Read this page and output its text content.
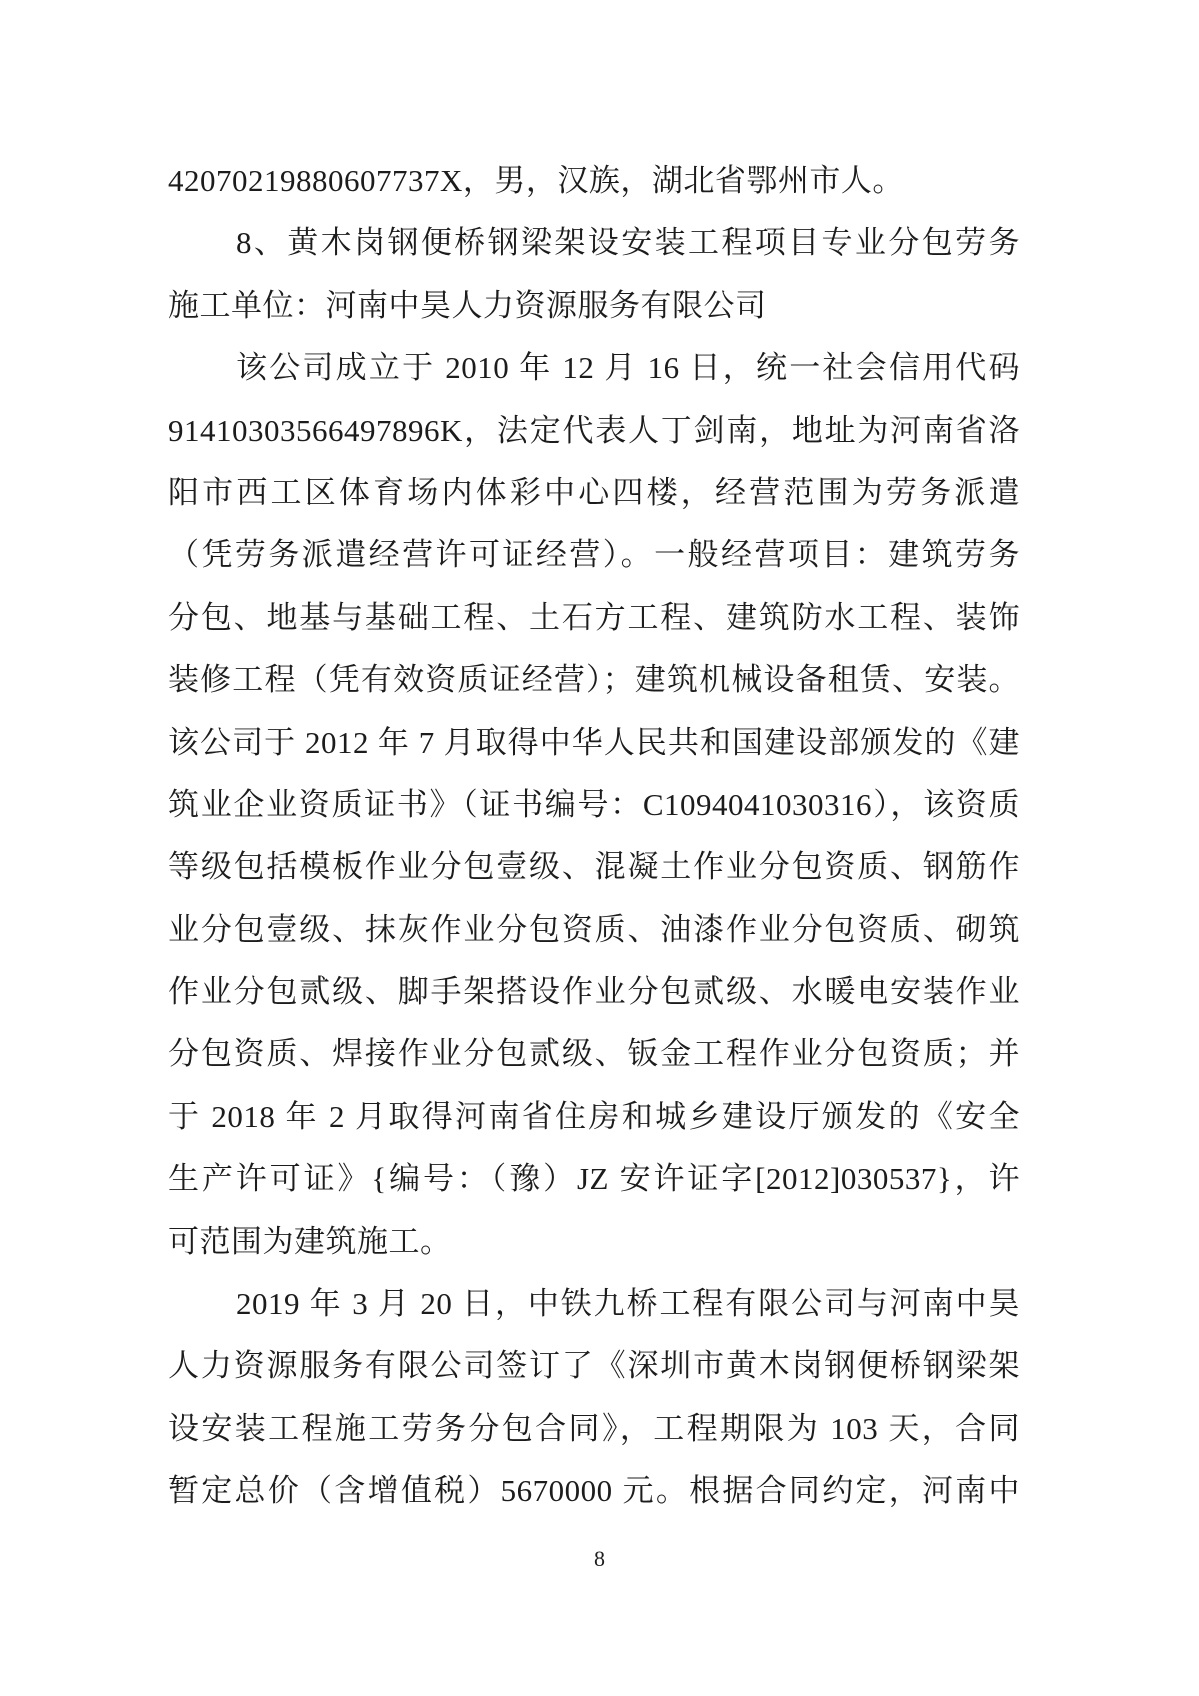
42070219880607737X，男，汉族，湖北省鄂州市人。
8、黄木岗钢便桥钢梁架设安装工程项目专业分包劳务
施工单位：河南中昊人力资源服务有限公司
该公司成立于 2010 年 12 月 16 日，统一社会信用代码
91410303566497896K，法定代表人丁剑南，地址为河南省洛
阳市西工区体育场内体彩中心四楼，经营范围为劳务派遣
（凭劳务派遣经营许可证经营）。一般经营项目：建筑劳务
分包、地基与基础工程、土石方工程、建筑防水工程、装饰
装修工程（凭有效资质证经营）；建筑机械设备租赁、安装。
该公司于 2012 年 7 月取得中华人民共和国建设部颁发的《建
筑业企业资质证书》（证书编号：C1094041030316），该资质
等级包括模板作业分包壹级、混凝土作业分包资质、钢筋作
业分包壹级、抹灰作业分包资质、油漆作业分包资质、砌筑
作业分包贰级、脚手架搭设作业分包贰级、水暖电安装作业
分包资质、焊接作业分包贰级、钣金工程作业分包资质；并
于 2018 年 2 月取得河南省住房和城乡建设厅颁发的《安全
生产许可证》{编号：（豫）JZ 安许证字[2012]030537}，许
可范围为建筑施工。
2019 年 3 月 20 日，中铁九桥工程有限公司与河南中昊
人力资源服务有限公司签订了《深圳市黄木岗钢便桥钢梁架
设安装工程施工劳务分包合同》，工程期限为 103 天，合同
暂定总价（含增值税）5670000 元。根据合同约定，河南中
8
